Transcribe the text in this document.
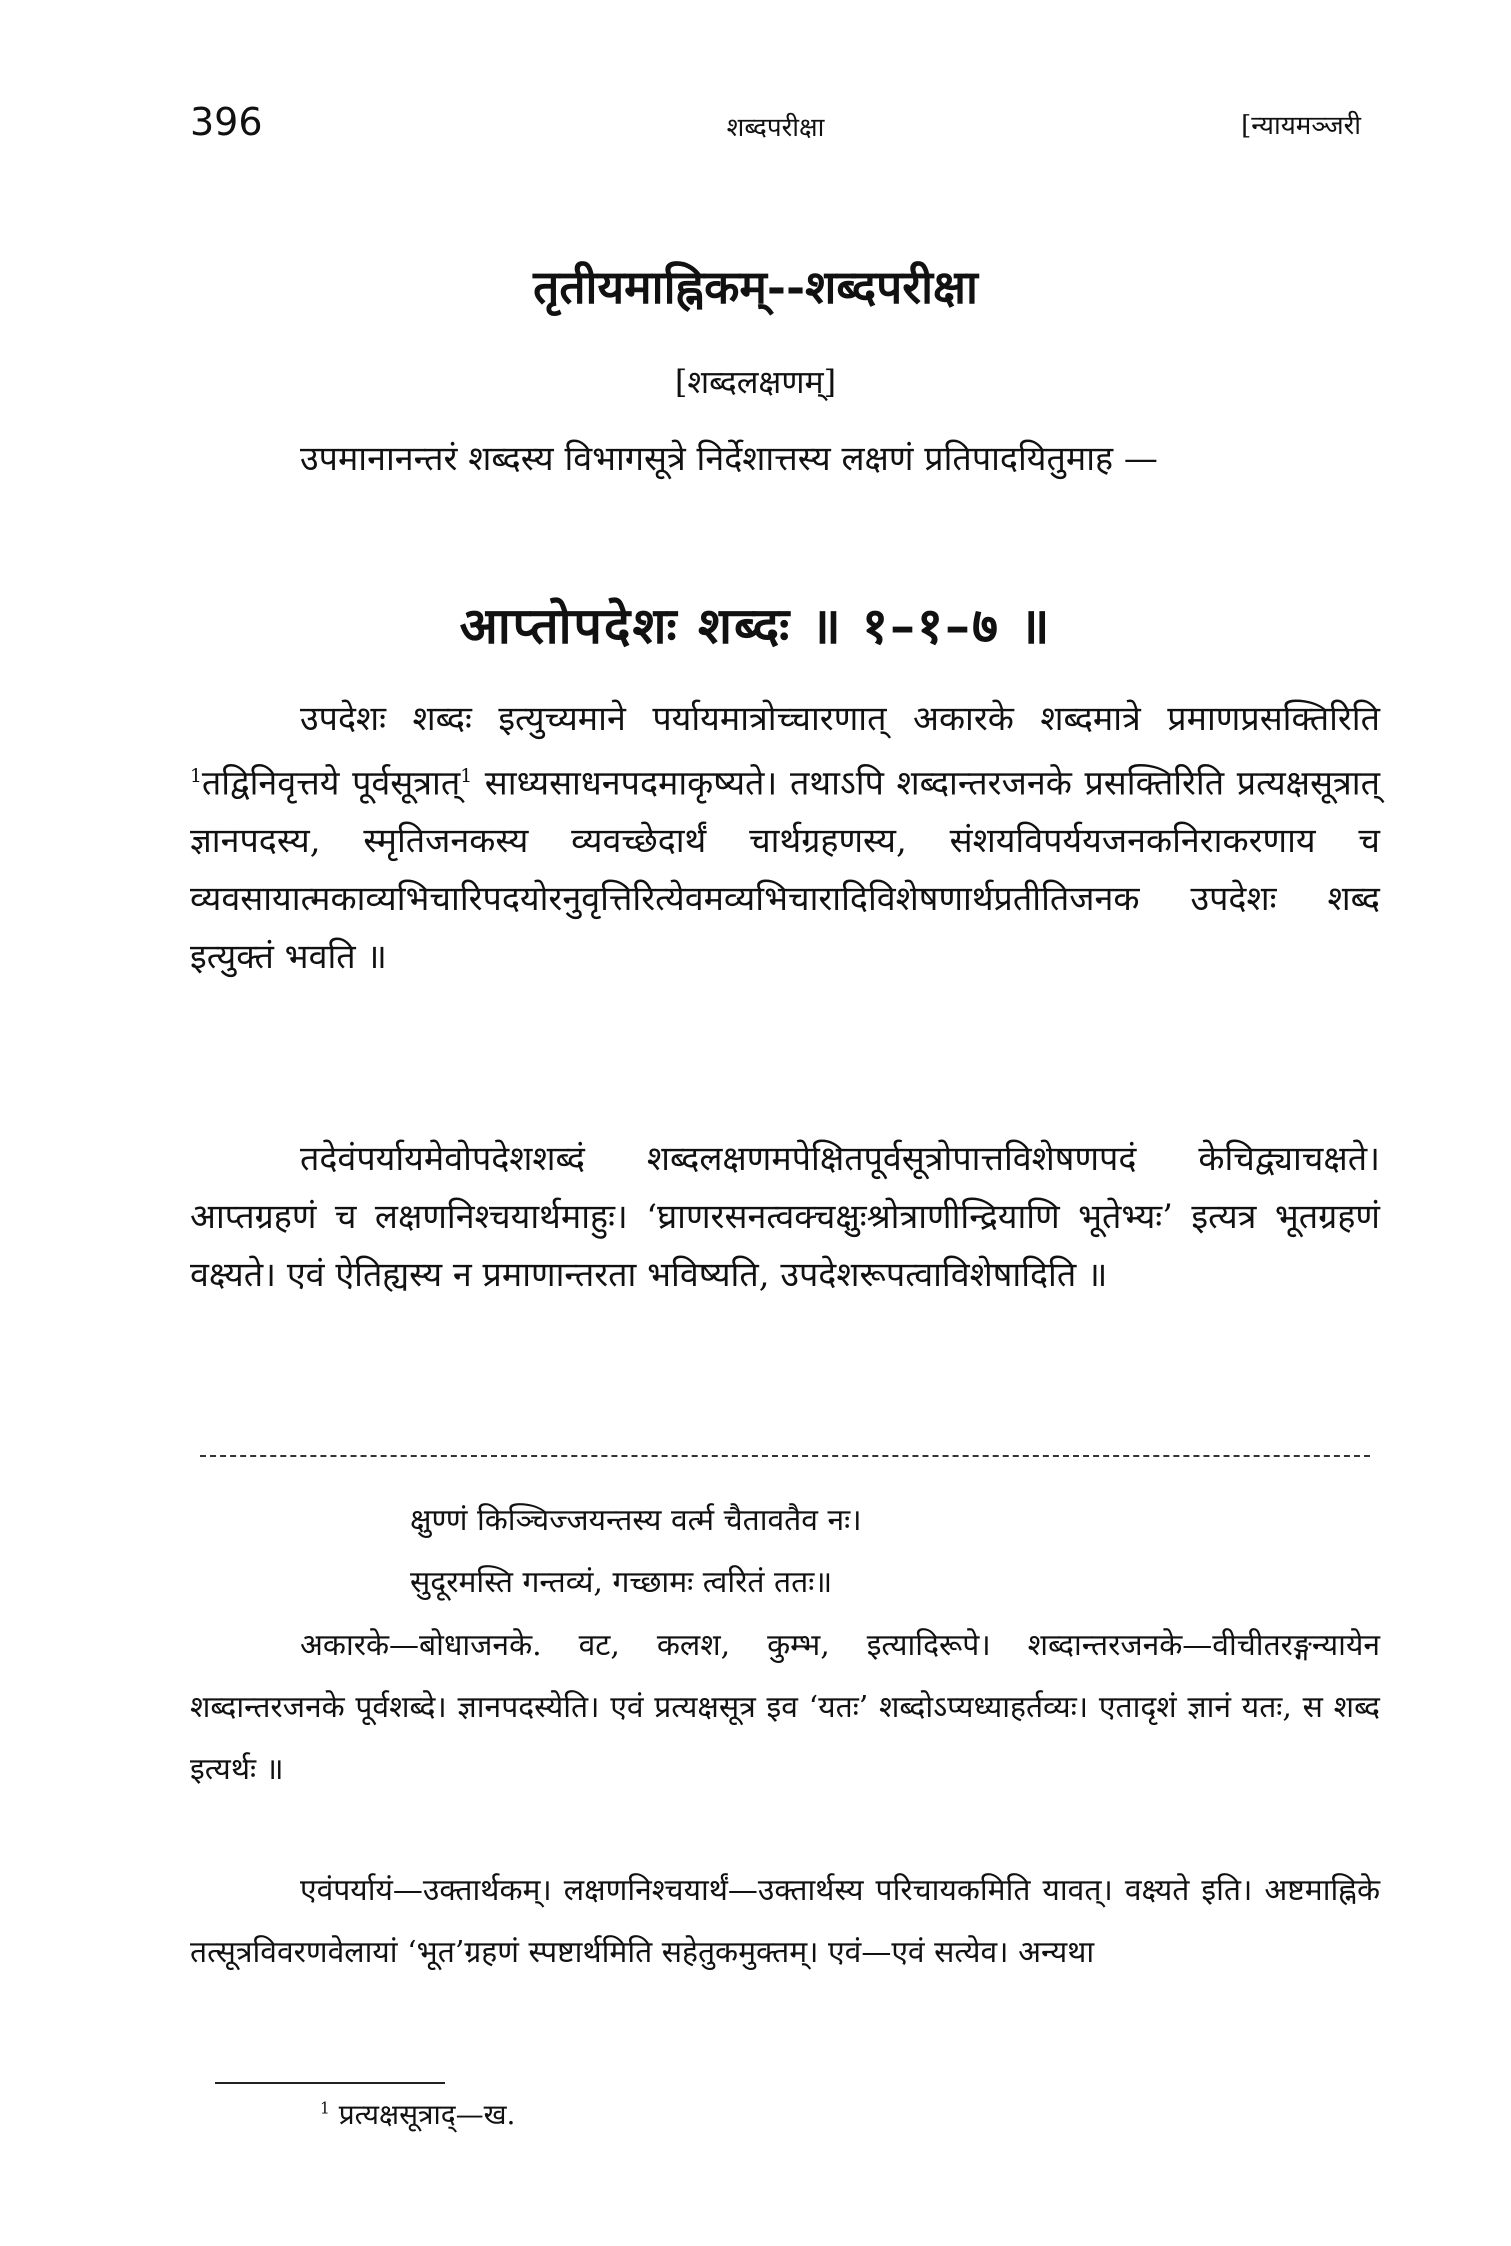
396	शब्दपरीक्षा	[न्यायमञ्जरी
तृतीयमाह्निकम्--शब्दपरीक्षा
[शब्दलक्षणम्]
उपमानानन्तरं शब्दस्य विभागसूत्रे निर्देशात्तस्य लक्षणं प्रतिपादयितुमाह —
आप्तोपदेशः शब्दः ॥ १–१–७ ॥
उपदेशः शब्दः इत्युच्यमाने पर्यायमात्रोच्चारणात् अकारके शब्दमात्रे प्रमाणप्रसक्तिरिति $^1$तद्विनिवृत्तये पूर्वसूत्रात्$^1$ साध्यसाधनपदमाकृष्यते। तथाऽपि शब्दान्तरजनके प्रसक्तिरिति प्रत्यक्षसूत्रात् ज्ञानपदस्य, स्मृतिजनकस्य व्यवच्छेदार्थं चार्थग्रहणस्य, संशयविपर्ययजनकनिराकरणाय च व्यवसायात्मकाव्यभिचारिपदयोरनुवृत्तिरित्येवमव्यभिचारादिविशेषणार्थप्रतीतिजनक उपदेशः शब्द इत्युक्तं भवति ॥
तदेवंपर्यायमेवोपदेशशब्दं शब्दलक्षणमपेक्षितपूर्वसूत्रोपात्तविशेषणपदं केचिद्व्याचक्षते। आप्तग्रहणं च लक्षणनिश्चयार्थमाहुः। ‘घ्राणरसनत्वक्चक्षुःश्रोत्राणीन्द्रियाणि भूतेभ्यः’ इत्यत्र भूतग्रहणं वक्ष्यते। एवं ऐतिह्यस्य न प्रमाणान्तरता भविष्यति, उपदेशरूपत्वाविशेषादिति ॥
क्षुण्णं किञ्चिज्जयन्तस्य वर्त्म चैतावतैव नः।
सुदूरमस्ति गन्तव्यं, गच्छामः त्वरितं ततः॥
अकारके—बोधाजनके. वट, कलश, कुम्भ, इत्यादिरूपे। शब्दान्तरजनके—वीचीतरङ्गन्यायेन शब्दान्तरजनके पूर्वशब्दे। ज्ञानपदस्येति। एवं प्रत्यक्षसूत्र इव ‘यतः’ शब्दोऽप्यध्याहर्तव्यः। एतादृशं ज्ञानं यतः, स शब्द इत्यर्थः ॥
एवंपर्यायं—उक्तार्थकम्। लक्षणनिश्चयार्थं—उक्तार्थस्य परिचायकमिति यावत्। वक्ष्यते इति। अष्टमाह्निके तत्सूत्रविवरणवेलायां ‘भूत’ग्रहणं स्पष्टार्थमिति सहेतुकमुक्तम्। एवं—एवं सत्येव। अन्यथा
$^1$ प्रत्यक्षसूत्राद्—ख.
